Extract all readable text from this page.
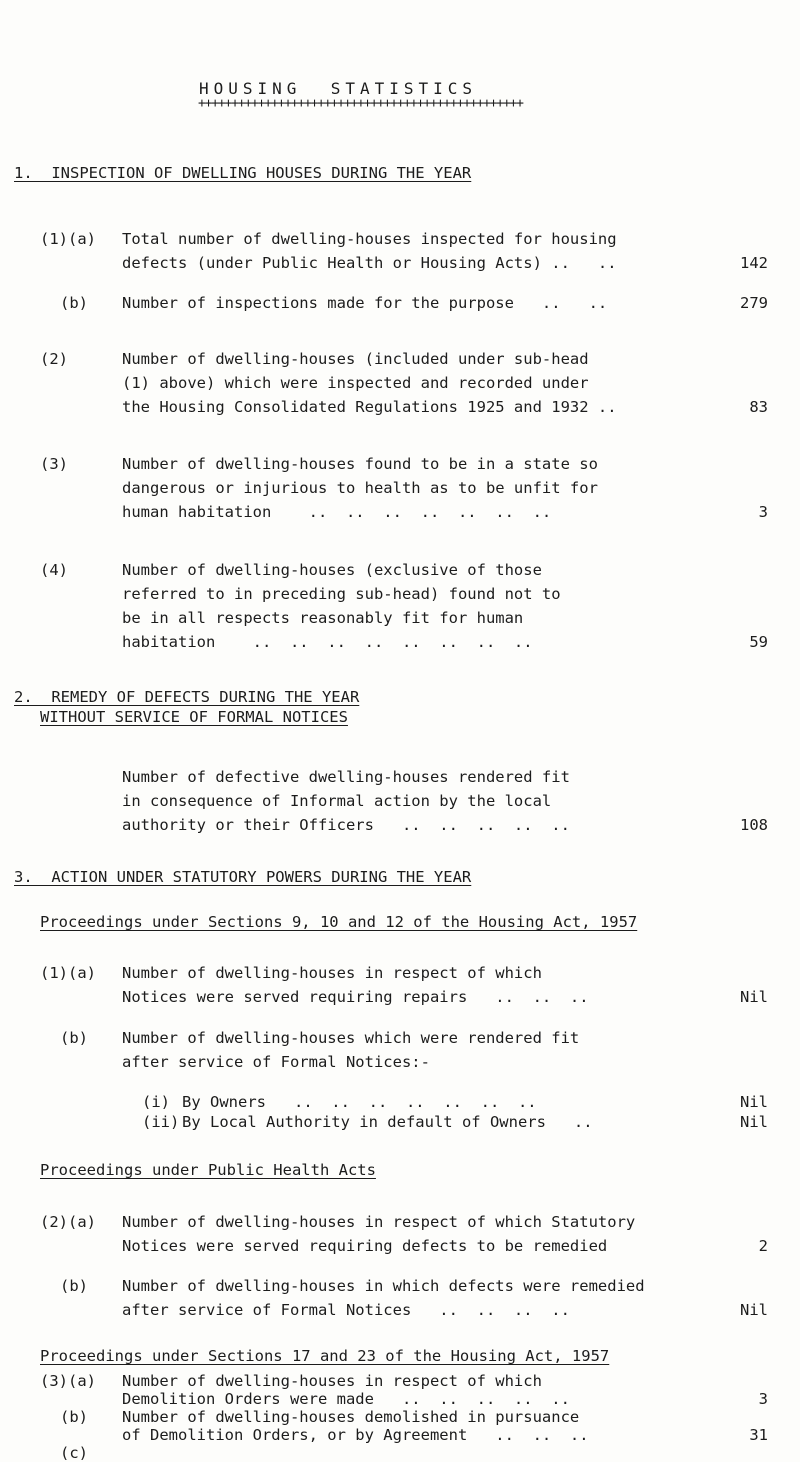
HOUSING  STATISTICS
+++++++++++++++++++++++++++++++++++++++++++++++++
1.  INSPECTION OF DWELLING HOUSES DURING THE YEAR
(1)(a) Total number of dwelling-houses inspected for housing
defects (under Public Health or Housing Acts) ..   ..	142
(b) Number of inspections made for the purpose   ..   ..	279
(2)	Number of dwelling-houses (included under sub-head
(1) above) which were inspected and recorded under
the Housing Consolidated Regulations 1925 and 1932 ..	83
(3)	Number of dwelling-houses found to be in a state so
dangerous or injurious to health as to be unfit for
human habitation    ..  ..  ..  ..  ..  ..  ..	3
(4)	Number of dwelling-houses (exclusive of those
referred to in preceding sub-head) found not to
be in all respects reasonably fit for human
habitation    ..  ..  ..  ..  ..  ..  ..  ..	59
2.  REMEDY OF DEFECTS DURING THE YEAR
WITHOUT SERVICE OF FORMAL NOTICES
Number of defective dwelling-houses rendered fit
in consequence of Informal action by the local
authority or their Officers   ..  ..  ..  ..  ..	108
3.  ACTION UNDER STATUTORY POWERS DURING THE YEAR
Proceedings under Sections 9, 10 and 12 of the Housing Act, 1957
(1)(a) Number of dwelling-houses in respect of which
Notices were served requiring repairs   ..  ..  ..	Nil
(b) Number of dwelling-houses which were rendered fit
after service of Formal Notices:-
(i) By Owners   ..  ..  ..  ..  ..  ..  ..	Nil
(ii) By Local Authority in default of Owners   ..	Nil
Proceedings under Public Health Acts
(2)(a) Number of dwelling-houses in respect of which Statutory
Notices were served requiring defects to be remedied	2
(b) Number of dwelling-houses in which defects were remedied
after service of Formal Notices   ..  ..  ..  ..	Nil
Proceedings under Sections 17 and 23 of the Housing Act, 1957
(3)(a) Number of dwelling-houses in respect of which
Demolition Orders were made   ..  ..  ..  ..  ..	3
(b) Number of dwelling-houses demolished in pursuance
of Demolition Orders, or by Agreement   ..  ..  ..	31
(c)
